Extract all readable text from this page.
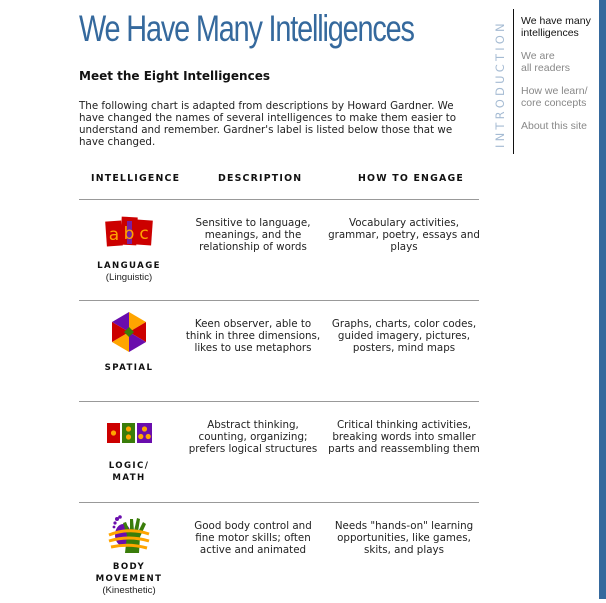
We Have Many Intelligences
Meet the Eight Intelligences

The following chart is adapted from descriptions by Howard Gardner. We have changed the names of several intelligences to make them easier to understand and remember. Gardner's label is listed below those that we have changed.

INTELLIGENCE	DESCRIPTION	HOW TO ENGAGE
a b c
LANGUAGE
(Linguistic)
Sensitive to language, meanings, and the relationship of words
Vocabulary activities, grammar, poetry, essays and plays
SPATIAL
Keen observer, able to think in three dimensions, likes to use metaphors
Graphs, charts, color codes, guided imagery, pictures, posters, mind maps
LOGIC/
MATH
Abstract thinking, counting, organizing; prefers logical structures
Critical thinking activities, breaking words into smaller parts and reassembling them
BODY
MOVEMENT
(Kinesthetic)
Good body control and fine motor skills; often active and animated
Needs "hands-on" learning opportunities, like games, skits, and plays
INTRODUCTION We have many
intelligences
We are
all readers
How we learn/
core concepts
About this site
